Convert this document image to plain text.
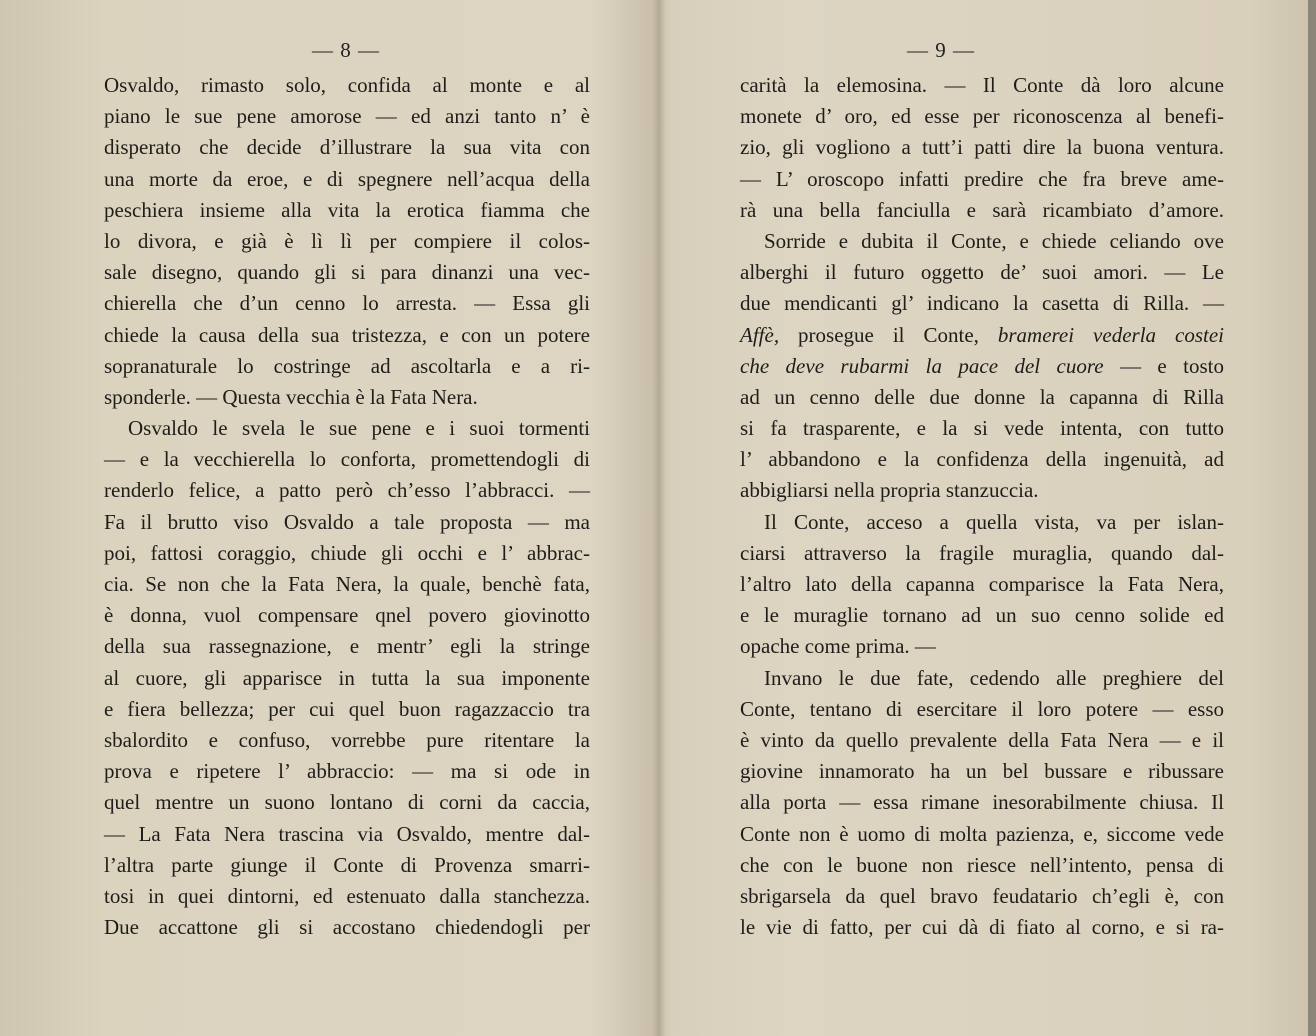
— 8 —
Osvaldo, rimasto solo, confida al monte e al
piano le sue pene amorose — ed anzi tanto n’ è
disperato che decide d’illustrare la sua vita con
una morte da eroe, e di spegnere nell’acqua della
peschiera insieme alla vita la erotica fiamma che
lo divora, e già è lì lì per compiere il colos-
sale disegno, quando gli si para dinanzi una vec-
chierella che d’un cenno lo arresta. — Essa gli
chiede la causa della sua tristezza, e con un potere
sopranaturale lo costringe ad ascoltarla e a ri-
sponderle. — Questa vecchia è la Fata Nera.
Osvaldo le svela le sue pene e i suoi tormenti
— e la vecchierella lo conforta, promettendogli di
renderlo felice, a patto però ch’esso l’abbracci. —
Fa il brutto viso Osvaldo a tale proposta — ma
poi, fattosi coraggio, chiude gli occhi e l’ abbrac-
cia. Se non che la Fata Nera, la quale, benchè fata,
è donna, vuol compensare qnel povero giovinotto
della sua rassegnazione, e mentr’ egli la stringe
al cuore, gli apparisce in tutta la sua imponente
e fiera bellezza; per cui quel buon ragazzaccio tra
sbalordito e confuso, vorrebbe pure ritentare la
prova e ripetere l’ abbraccio: — ma si ode in
quel mentre un suono lontano di corni da caccia,
— La Fata Nera trascina via Osvaldo, mentre dal-
l’altra parte giunge il Conte di Provenza smarri-
tosi in quei dintorni, ed estenuato dalla stanchezza.
Due accattone gli si accostano chiedendogli per
— 9 —
carità la elemosina. — Il Conte dà loro alcune
monete d’ oro, ed esse per riconoscenza al benefi-
zio, gli vogliono a tutt’i patti dire la buona ventura.
— L’ oroscopo infatti predire che fra breve ame-
rà una bella fanciulla e sarà ricambiato d’amore.
Sorride e dubita il Conte, e chiede celiando ove
alberghi il futuro oggetto de’ suoi amori. — Le
due mendicanti gl’ indicano la casetta di Rilla. —
Affè, prosegue il Conte, bramerei vederla costei
che deve rubarmi la pace del cuore — e tosto
ad un cenno delle due donne la capanna di Rilla
si fa trasparente, e la si vede intenta, con tutto
l’ abbandono e la confidenza della ingenuità, ad
abbigliarsi nella propria stanzuccia.
Il Conte, acceso a quella vista, va per islan-
ciarsi attraverso la fragile muraglia, quando dal-
l’altro lato della capanna comparisce la Fata Nera,
e le muraglie tornano ad un suo cenno solide ed
opache come prima. —
Invano le due fate, cedendo alle preghiere del
Conte, tentano di esercitare il loro potere — esso
è vinto da quello prevalente della Fata Nera — e il
giovine innamorato ha un bel bussare e ribussare
alla porta — essa rimane inesorabilmente chiusa. Il
Conte non è uomo di molta pazienza, e, siccome vede
che con le buone non riesce nell’intento, pensa di
sbrigarsela da quel bravo feudatario ch’egli è, con
le vie di fatto, per cui dà di fiato al corno, e si ra-
